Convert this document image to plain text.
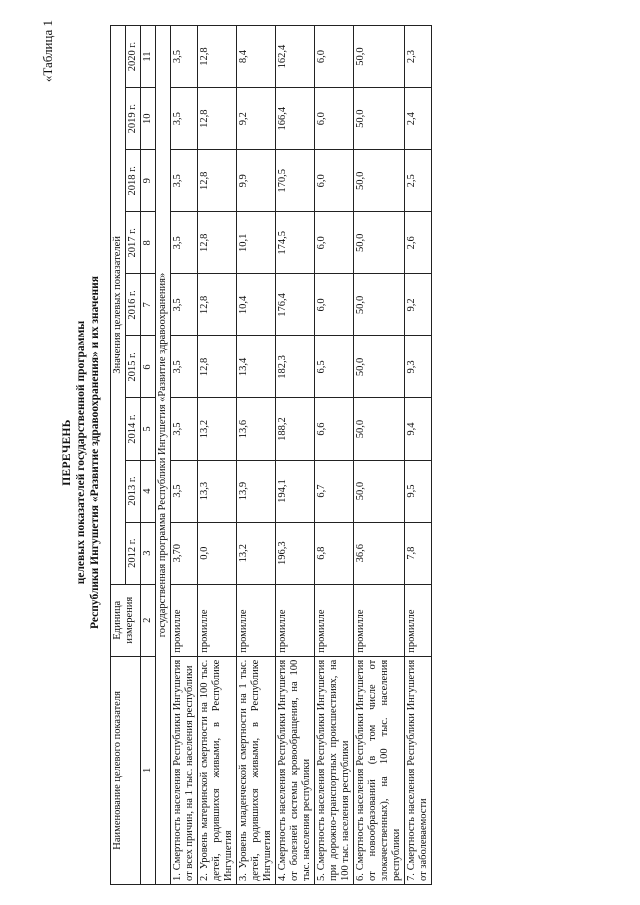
«Таблица 1
ПЕРЕЧЕНЬ целевых показателей государственной программы Республики Ингушетия «Развитие здравоохранения» и их значения
Наименование целевого показателя	Единица измерения	Значения целевых показателей								
		2012 г.	2013 г.	2014 г.	2015 г.	2016 г.	2017 г.	2018 г.	2019 г.	2020 г.
1	2	3	4	5	6	7	8	9	10	11
государственная программа Республики Ингушетия «Развитие здравоохранения»										
1. Смертность населения Республики Ингушетия от всех причин, на 1 тыс. населения республики	промилле	3,70	3,5	3,5	3,5	3,5	3,5	3,5	3,5	3,5
2. Уровень материнской смертности на 100 тыс. детей, родившихся живыми, в Республике Ингушетия	промилле	0,0	13,3	13,2	12,8	12,8	12,8	12,8	12,8	12,8
3. Уровень младенческой смертности на 1 тыс. детей, родившихся живыми, в Республике Ингушетия	промилле	13,2	13,9	13,6	13,4	10,4	10,1	9,9	9,2	8,4
4. Смертность населения Республики Ингушетия от болезней системы кровообращения, на 100 тыс. населения республики	промилле	196,3	194,1	188,2	182,3	176,4	174,5	170,5	166,4	162,4
5. Смертность населения Республики Ингушетия при дорожно-транспортных происшествиях, на 100 тыс. населения республики	промилле	6,8	6,7	6,6	6,5	6,0	6,0	6,0	6,0	6,0
6. Смертность населения Республики Ингушетия от новообразований (в том числе от злокачественных), на 100 тыс. населения республики	промилле	36,6	50,0	50,0	50,0	50,0	50,0	50,0	50,0	50,0
7. Смертность населения Республики Ингушетия от заболеваемости	промилле	7,8	9,5	9,4	9,3	9,2	2,6	2,5	2,4	2,3
